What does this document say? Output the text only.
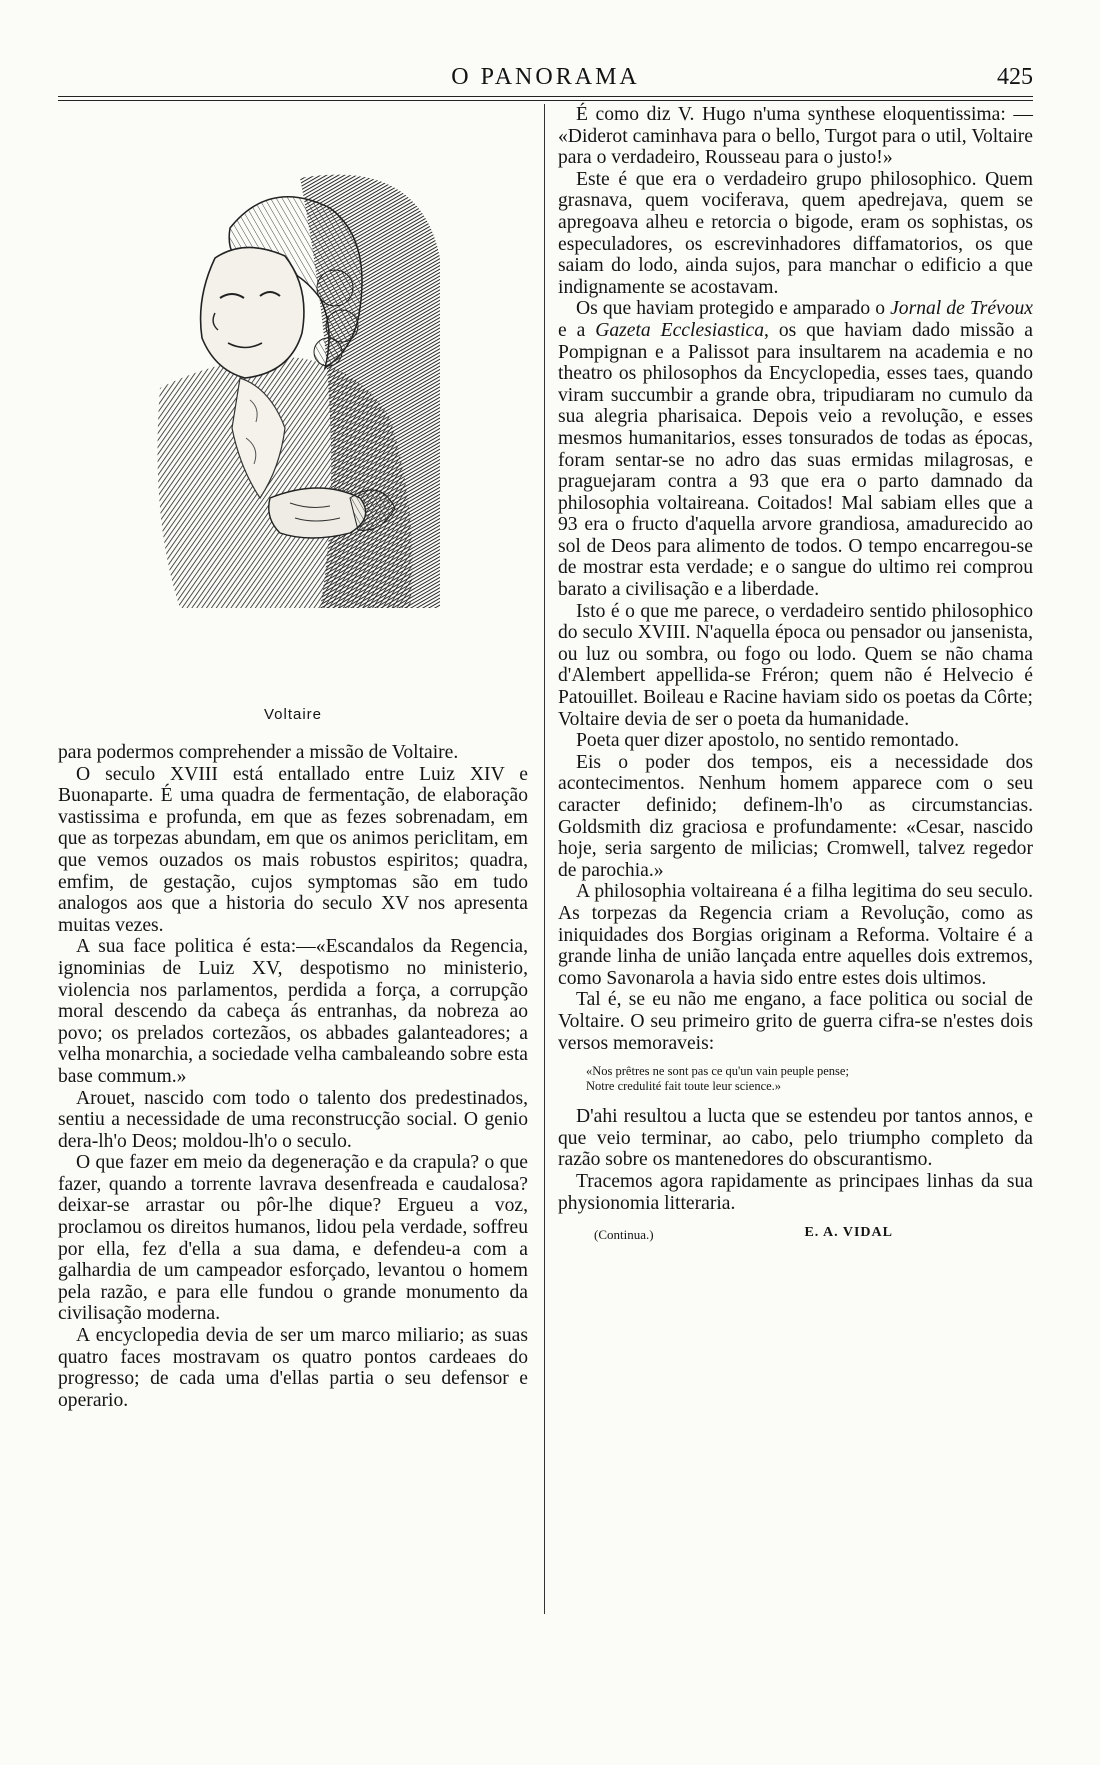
O PANORAMA	425
Voltaire

para podermos comprehender a missão de Voltaire.

O seculo XVIII está entallado entre Luiz XIV e Buonaparte. É uma quadra de fermentação, de elaboração vastissima e profunda, em que as fezes sobrenadam, em que as torpezas abundam, em que os animos periclitam, em que vemos ouzados os mais robustos espiritos; quadra, emfim, de gestação, cujos symptomas são em tudo analogos aos que a historia do seculo XV nos apresenta muitas vezes.

A sua face politica é esta:—«Escandalos da Regencia, ignominias de Luiz XV, despotismo no ministerio, violencia nos parlamentos, perdida a força, a corrupção moral descendo da cabeça ás entranhas, da nobreza ao povo; os prelados cortezãos, os abbades galanteadores; a velha monarchia, a sociedade velha cambaleando sobre esta base commum.»

Arouet, nascido com todo o talento dos predestinados, sentiu a necessidade de uma reconstrucção social. O genio dera-lh'o Deos; moldou-lh'o o seculo.

O que fazer em meio da degeneração e da crapula? o que fazer, quando a torrente lavrava desenfreada e caudalosa? deixar-se arrastar ou pôr-lhe dique? Ergueu a voz, proclamou os direitos humanos, lidou pela verdade, soffreu por ella, fez d'ella a sua dama, e defendeu-a com a galhardia de um campeador esforçado, levantou o homem pela razão, e para elle fundou o grande monumento da civilisação moderna.

A encyclopedia devia de ser um marco miliario; as suas quatro faces mostravam os quatro pontos cardeaes do progresso; de cada uma d'ellas partia o seu defensor e operario.

É como diz V. Hugo n'uma synthese eloquentissima: — «Diderot caminhava para o bello, Turgot para o util, Voltaire para o verdadeiro, Rousseau para o justo!»

Este é que era o verdadeiro grupo philosophico. Quem grasnava, quem vociferava, quem apedrejava, quem se apregoava alheu e retorcia o bigode, eram os sophistas, os especuladores, os escrevinhadores diffamatorios, os que saiam do lodo, ainda sujos, para manchar o edificio a que indignamente se acostavam.

Os que haviam protegido e amparado o Jornal de Trévoux e a Gazeta Ecclesiastica, os que haviam dado missão a Pompignan e a Palissot para insultarem na academia e no theatro os philosophos da Encyclopedia, esses taes, quando viram succumbir a grande obra, tripudiaram no cumulo da sua alegria pharisaica. Depois veio a revolução, e esses mesmos humanitarios, esses tonsurados de todas as épocas, foram sentar-se no adro das suas ermidas milagrosas, e praguejaram contra a 93 que era o parto damnado da philosophia voltaireana. Coitados! Mal sabiam elles que a 93 era o fructo d'aquella arvore grandiosa, amadurecido ao sol de Deos para alimento de todos. O tempo encarregou-se de mostrar esta verdade; e o sangue do ultimo rei comprou barato a civilisação e a liberdade.

Isto é o que me parece, o verdadeiro sentido philosophico do seculo XVIII. N'aquella época ou pensador ou jansenista, ou luz ou sombra, ou fogo ou lodo. Quem se não chama d'Alembert appellida-se Fréron; quem não é Helvecio é Patouillet. Boileau e Racine haviam sido os poetas da Côrte; Voltaire devia de ser o poeta da humanidade.

Poeta quer dizer apostolo, no sentido remontado.

Eis o poder dos tempos, eis a necessidade dos acontecimentos. Nenhum homem apparece com o seu caracter definido; definem-lh'o as circumstancias. Goldsmith diz graciosa e profundamente: «Cesar, nascido hoje, seria sargento de milicias; Cromwell, talvez regedor de parochia.»

A philosophia voltaireana é a filha legitima do seu seculo. As torpezas da Regencia criam a Revolução, como as iniquidades dos Borgias originam a Reforma. Voltaire é a grande linha de união lançada entre aquelles dois extremos, como Savonarola a havia sido entre estes dois ultimos.

Tal é, se eu não me engano, a face politica ou social de Voltaire. O seu primeiro grito de guerra cifra-se n'estes dois versos memoraveis:

«Nos prêtres ne sont pas ce qu'un vain peuple pense;
Notre credulité fait toute leur science.»

D'ahi resultou a lucta que se estendeu por tantos annos, e que veio terminar, ao cabo, pelo triumpho completo da razão sobre os mantenedores do obscurantismo.

Tracemos agora rapidamente as principaes linhas da sua physionomia litteraria.

(Continua.)	E. A. VIDAL
